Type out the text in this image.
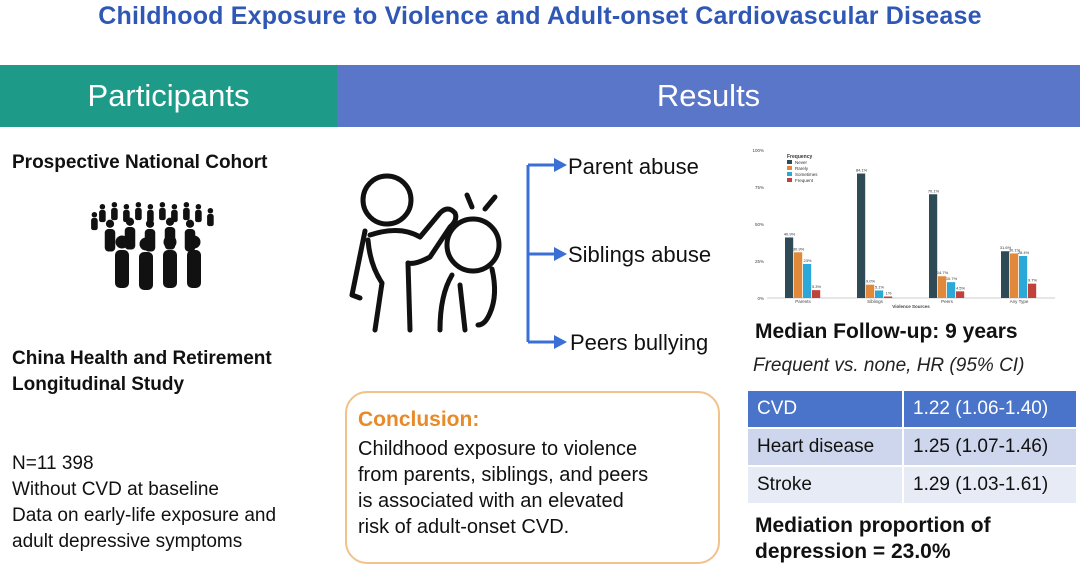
Childhood Exposure to Violence and Adult-onset Cardiovascular Disease
Participants	Results
Prospective National Cohort
China Health and Retirement
Longitudinal Study
N=11 398
Without CVD at baseline
Data on early-life exposure and
adult depressive symptoms
Parent abuse
Siblings abuse
Peers bullying
Conclusion:
Childhood exposure to violence
from parents, siblings, and peers
is associated with an elevated
risk of adult-onset CVD.
0%
25%
50%
75%
100%
40.9%
30.9%
23%
5.3%
Parents
84.1%
9.0%
5.1%
1%
Siblings
70.1%
14.7%
10.7%
4.5%
Peers
31.6%
30.1%
28.4%
9.7%
Any Type
Violence Sources
Frequency
Never
Rarely
Sometimes
Frequent
Median Follow-up: 9 years
Frequent vs. none, HR (95% CI)
CVD	1.22 (1.06-1.40)
Heart disease	1.25 (1.07-1.46)
Stroke	1.29 (1.03-1.61)
Mediation proportion of
depression = 23.0%
